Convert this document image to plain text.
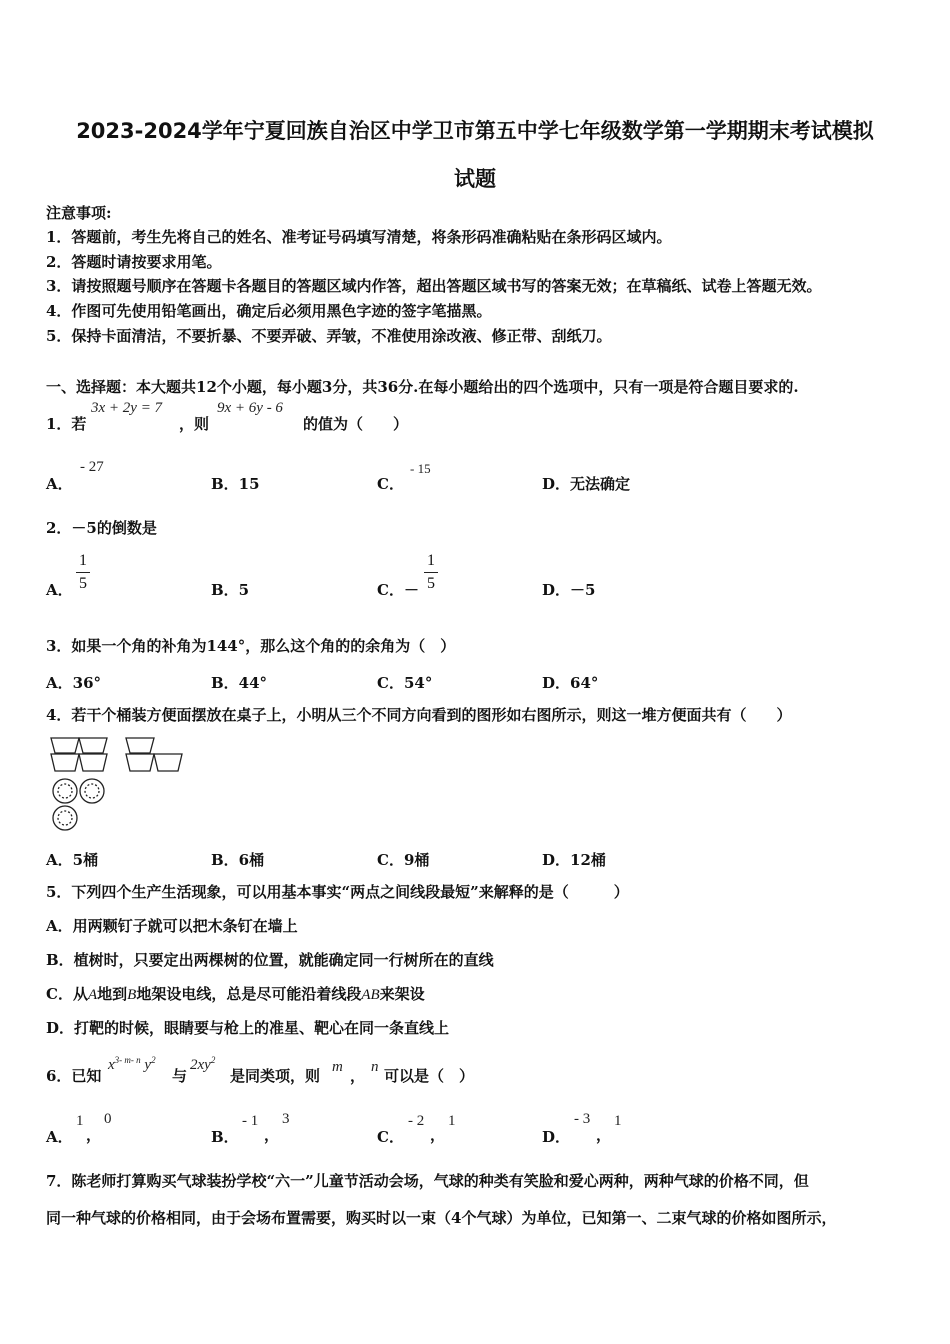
2023-2024学年宁夏回族自治区中学卫市第五中学七年级数学第一学期期末考试模拟
试题
注意事项:
1．答题前，考生先将自己的姓名、准考证号码填写清楚，将条形码准确粘贴在条形码区域内。
2．答题时请按要求用笔。
3．请按照题号顺序在答题卡各题目的答题区域内作答，超出答题区域书写的答案无效；在草稿纸、试卷上答题无效。
4．作图可先使用铅笔画出，确定后必须用黑色字迹的签字笔描黑。
5．保持卡面清洁，不要折暴、不要弄破、弄皱，不准使用涂改液、修正带、刮纸刀。
一、选择题：本大题共12个小题，每小题3分，共36分.在每小题给出的四个选项中，只有一项是符合题目要求的.
1．若
3x + 2y = 7
，则
9x + 6y - 6
的值为（　　）
A．
- 27
B．15	C．
- 15
D．无法确定
2．－5的倒数是
A．
1
5	B．5	C．－
1
5	D．－5
3．如果一个角的补角为144°，那么这个角的的余角为（　）
A．36°	B．44°	C．54°	D．64°
4．若干个桶装方便面摆放在桌子上，小明从三个不同方向看到的图形如右图所示，则这一堆方便面共有（　　）
A．5桶	B．6桶	C．9桶	D．12桶
5．下列四个生产生活现象，可以用基本事实“两点之间线段最短”来解释的是（　　　）
A．用两颗钉子就可以把木条钉在墙上
B．植树时，只要定出两棵树的位置，就能确定同一行树所在的直线
C．从A地到B地架设电线，总是尽可能沿着线段AB来架设
D．打靶的时候，眼睛要与枪上的准星、靶心在同一条直线上
6．已知
$x^{3- m- n}$ $y^2$
与
$2xy^2$
是同类项，则 m ， n 可以是（　）
A．
1
，
0
B．
- 1
，
3
C．
- 2
，
1
D．
- 3
，
1
7．陈老师打算购买气球装扮学校“六一”儿童节活动会场，气球的种类有笑脸和爱心两种，两种气球的价格不同，但
同一种气球的价格相同，由于会场布置需要，购买时以一束（4个气球）为单位，已知第一、二束气球的价格如图所示，
